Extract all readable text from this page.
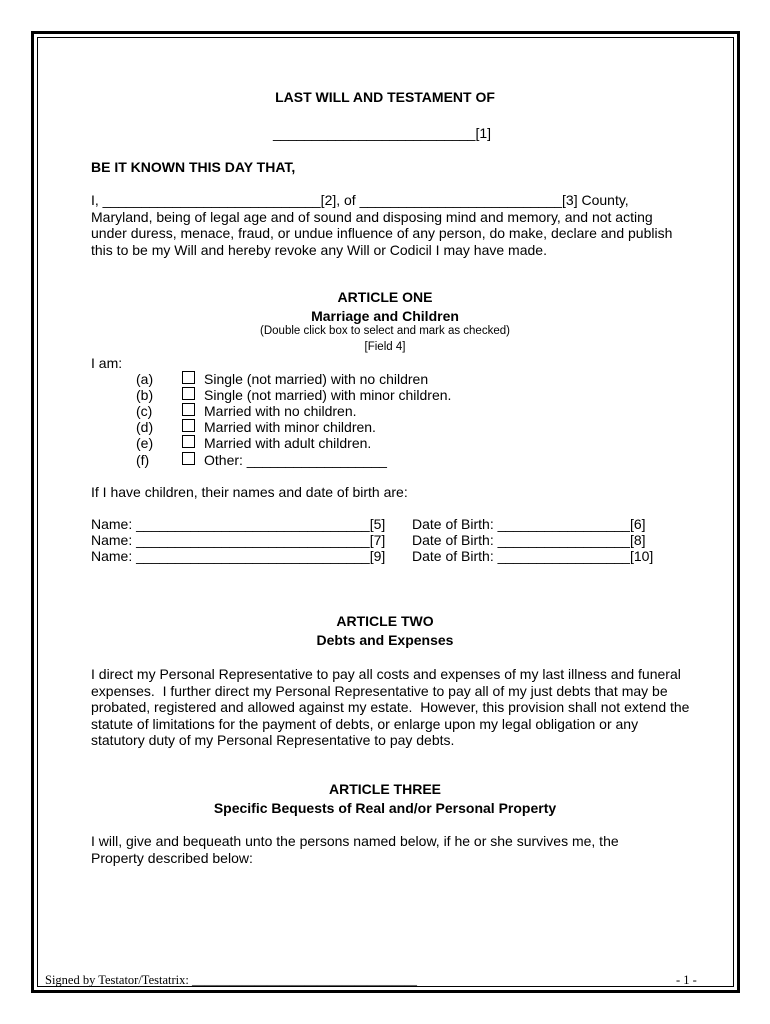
LAST WILL AND TESTAMENT OF
__________________________[1]
BE IT KNOWN THIS DAY THAT,
I, ____________________________[2], of __________________________[3] County,
Maryland, being of legal age and of sound and disposing mind and memory, and not acting
under duress, menace, fraud, or undue influence of any person, do make, declare and publish
this to be my Will and hereby revoke any Will or Codicil I may have made.
ARTICLE ONE
Marriage and Children
(Double click box to select and mark as checked)
[Field 4]
I am:
(a)	Single (not married) with no children
(b)	Single (not married) with minor children.
(c)	Married with no children.
(d)	Married with minor children.
(e)	Married with adult children.
(f)	Other: __________________
If I have children, their names and date of birth are:
Name: ______________________________[5] Date of Birth: _________________[6]
Name: ______________________________[7] Date of Birth: _________________[8]
Name: ______________________________[9] Date of Birth: _________________[10]
ARTICLE TWO
Debts and Expenses
I direct my Personal Representative to pay all costs and expenses of my last illness and funeral
expenses.  I further direct my Personal Representative to pay all of my just debts that may be
probated, registered and allowed against my estate.  However, this provision shall not extend the
statute of limitations for the payment of debts, or enlarge upon my legal obligation or any
statutory duty of my Personal Representative to pay debts.
ARTICLE THREE
Specific Bequests of Real and/or Personal Property
I will, give and bequeath unto the persons named below, if he or she survives me, the
Property described below:
Signed by Testator/Testatrix: ____________________________________	- 1 -
